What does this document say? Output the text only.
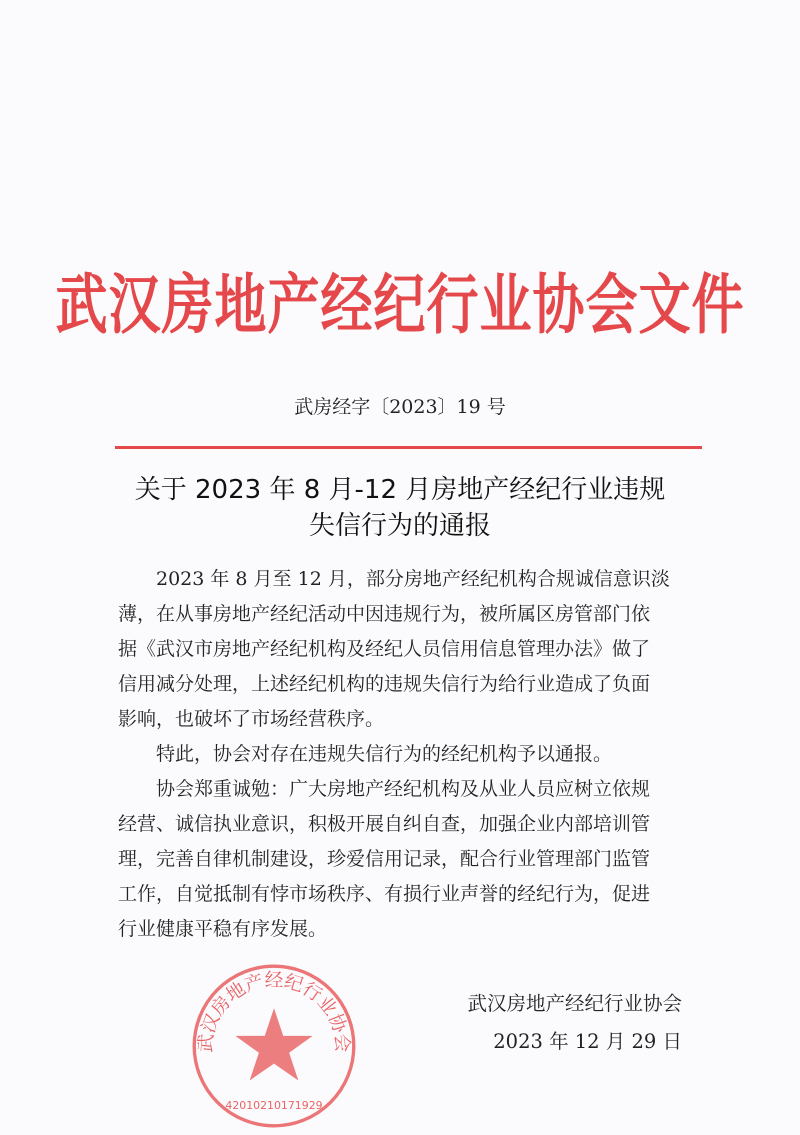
武汉房地产经纪行业协会文件
武房经字〔2023〕19 号
关于 2023 年 8 月-12 月房地产经纪行业违规
失信行为的通报
　　2023 年 8 月至 12 月，部分房地产经纪机构合规诚信意识淡
薄，在从事房地产经纪活动中因违规行为，被所属区房管部门依
据《武汉市房地产经纪机构及经纪人员信用信息管理办法》做了
信用减分处理，上述经纪机构的违规失信行为给行业造成了负面
影响，也破坏了市场经营秩序。
　　特此，协会对存在违规失信行为的经纪机构予以通报。
　　协会郑重诚勉：广大房地产经纪机构及从业人员应树立依规
经营、诚信执业意识，积极开展自纠自查，加强企业内部培训管
理，完善自律机制建设，珍爱信用记录，配合行业管理部门监管
工作，自觉抵制有悖市场秩序、有损行业声誉的经纪行为，促进
行业健康平稳有序发展。
武汉房地产经纪行业协会
42010210171929
武汉房地产经纪行业协会
2023 年 12 月 29 日
